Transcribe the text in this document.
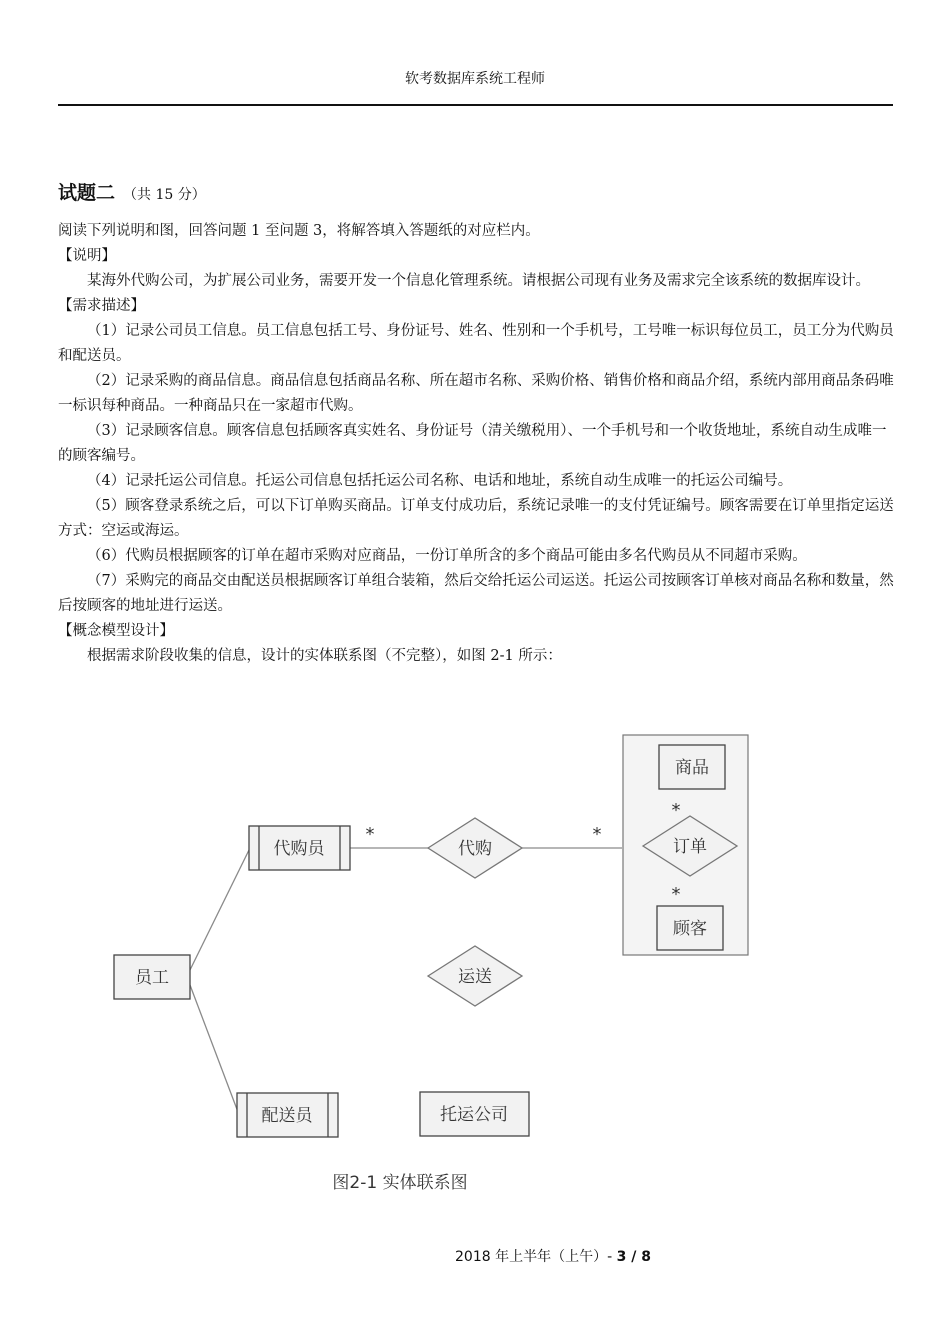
软考数据库系统工程师
试题二 （共 15 分）

阅读下列说明和图，回答问题 1 至问题 3，将解答填入答题纸的对应栏内。

【说明】

某海外代购公司，为扩展公司业务，需要开发一个信息化管理系统。请根据公司现有业务及需求完全该系统的数据库设计。

【需求描述】

（1）记录公司员工信息。员工信息包括工号、身份证号、姓名、性别和一个手机号，工号唯一标识每位员工，员工分为代购员和配送员。

（2）记录采购的商品信息。商品信息包括商品名称、所在超市名称、采购价格、销售价格和商品介绍，系统内部用商品条码唯一标识每种商品。一种商品只在一家超市代购。

（3）记录顾客信息。顾客信息包括顾客真实姓名、身份证号（清关缴税用）、一个手机号和一个收货地址，系统自动生成唯一的顾客编号。

（4）记录托运公司信息。托运公司信息包括托运公司名称、电话和地址，系统自动生成唯一的托运公司编号。

（5）顾客登录系统之后，可以下订单购买商品。订单支付成功后，系统记录唯一的支付凭证编号。顾客需要在订单里指定运送方式：空运或海运。

（6）代购员根据顾客的订单在超市采购对应商品，一份订单所含的多个商品可能由多名代购员从不同超市采购。

（7）采购完的商品交由配送员根据顾客订单组合装箱，然后交给托运公司运送。托运公司按顾客订单核对商品名称和数量，然后按顾客的地址进行运送。

【概念模型设计】

根据需求阶段收集的信息，设计的实体联系图（不完整），如图 2-1 所示：

代购员
员工
配送员
代购
商品
订单
顾客
运送
托运公司
*	*
*
*
图2-1 实体联系图
2018 年上半年（上午）- 3 / 8
